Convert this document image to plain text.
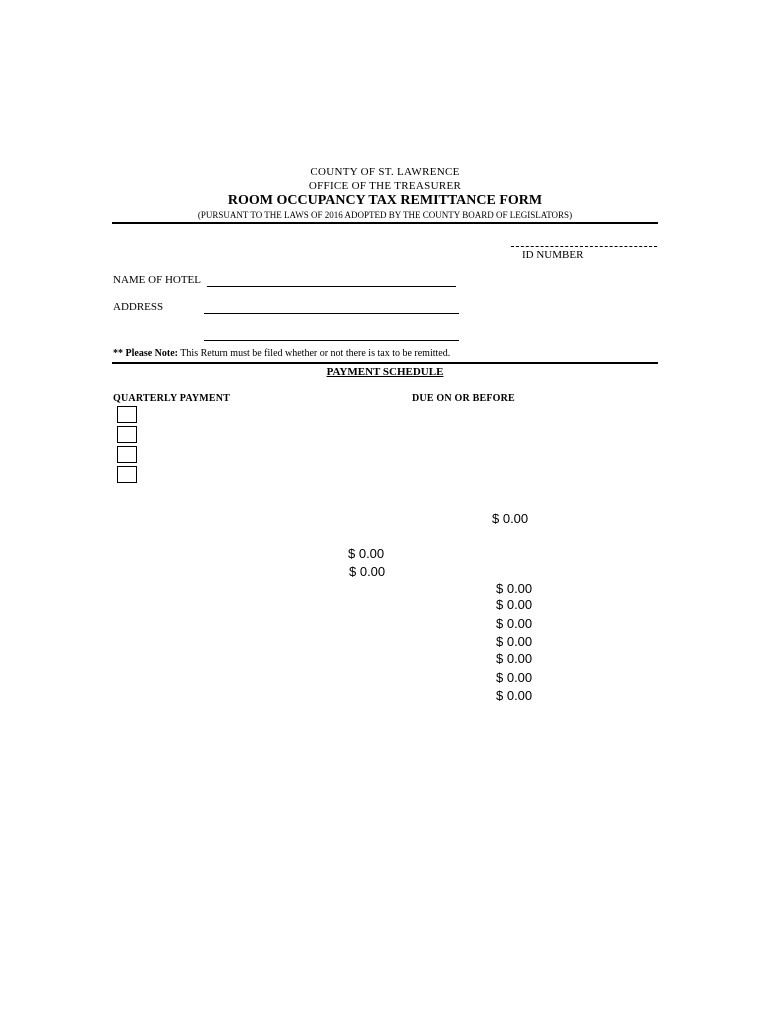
COUNTY OF ST. LAWRENCE
OFFICE OF THE TREASURER
ROOM OCCUPANCY TAX REMITTANCE FORM
(PURSUANT TO THE LAWS OF 2016 ADOPTED BY THE COUNTY BOARD OF LEGISLATORS)
ID NUMBER
NAME OF HOTEL
ADDRESS
** Please Note: This Return must be filed whether or not there is tax to be remitted.
PAYMENT SCHEDULE
QUARTERLY PAYMENT	DUE ON OR BEFORE
$ 0.00
$ 0.00
$ 0.00
$ 0.00
$ 0.00
$ 0.00
$ 0.00
$ 0.00
$ 0.00
$ 0.00
